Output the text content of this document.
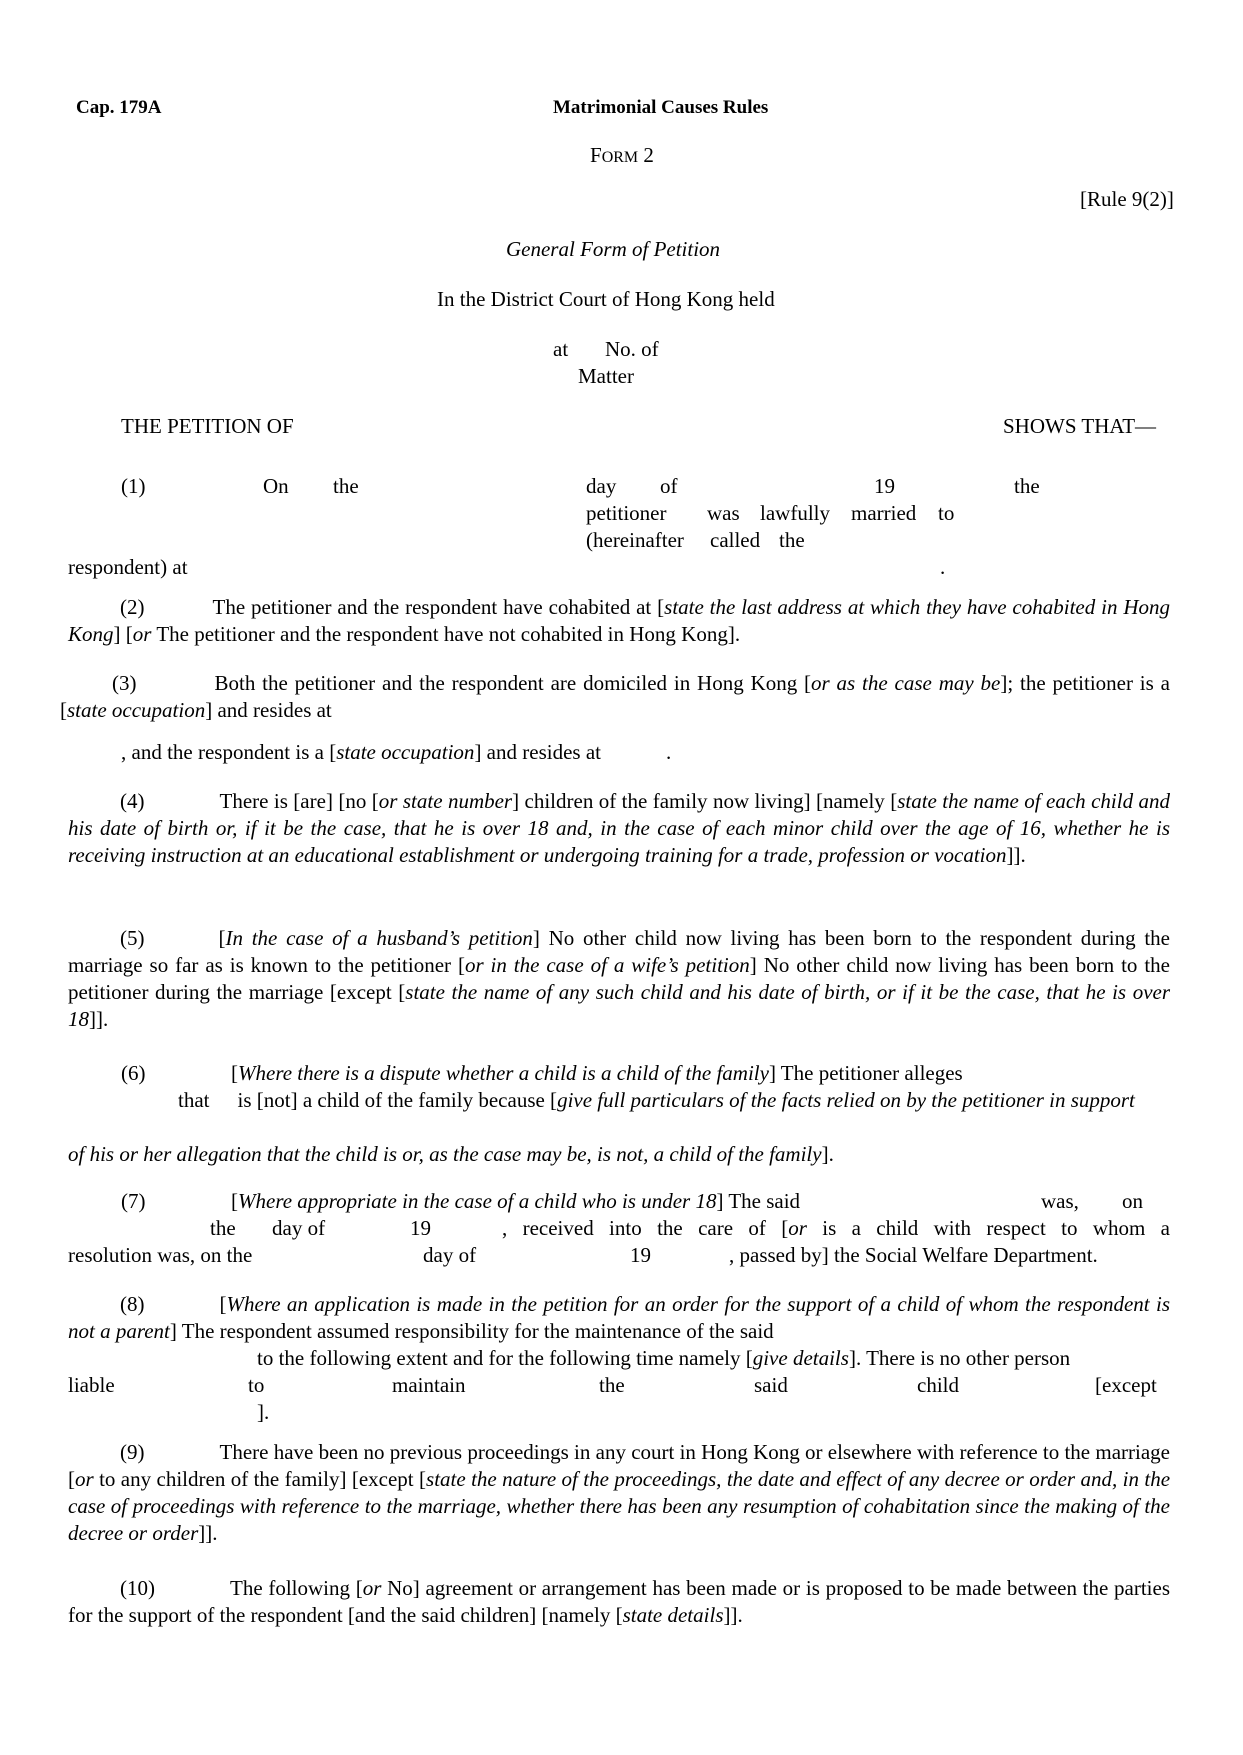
Cap. 179A	Matrimonial Causes Rules
FORM 2
[Rule 9(2)]
General Form of Petition
In the District Court of Hong Kong held
at No. of
Matter
THE PETITION OF	SHOWS THAT—
(1)	On the	day of	19	the
petitioner was lawfully married to
(hereinafter called the
respondent) at	.
(2)	The petitioner and the respondent have cohabited at [state the last address at which they have cohabited in Hong Kong] [or The petitioner and the respondent have not cohabited in Hong Kong].
(3)	Both the petitioner and the respondent are domiciled in Hong Kong [or as the case may be]; the petitioner is a [state occupation] and resides at
, and the respondent is a [state occupation] and resides at	.
(4)	There is [are] [no [or state number] children of the family now living] [namely [state the name of each child and his date of birth or, if it be the case, that he is over 18 and, in the case of each minor child over the age of 16, whether he is receiving instruction at an educational establishment or undergoing training for a trade, profession or vocation]].
(5)	[In the case of a husband’s petition] No other child now living has been born to the respondent during the marriage so far as is known to the petitioner [or in the case of a wife’s petition] No other child now living has been born to the petitioner during the marriage [except [state the name of any such child and his date of birth, or if it be the case, that he is over 18]].
(6)	[Where there is a dispute whether a child is a child of the family] The petitioner alleges
that is [not] a child of the family because [give full particulars of the facts relied on by the petitioner in support
of his or her allegation that the child is or, as the case may be, is not, a child of the family].
(7)	[Where appropriate in the case of a child who is under 18] The said	was, on
the day of	19	, received into the care of [or is a child with respect to whom a
resolution was, on the	day of	19	, passed by] the Social Welfare Department.
(8)	[Where an application is made in the petition for an order for the support of a child of whom the respondent is not a parent] The respondent assumed responsibility for the maintenance of the said
to the following extent and for the following time namely [give details]. There is no other person
liable	to	maintain	the	said	child	[except
].
(9)	There have been no previous proceedings in any court in Hong Kong or elsewhere with reference to the marriage [or to any children of the family] [except [state the nature of the proceedings, the date and effect of any decree or order and, in the case of proceedings with reference to the marriage, whether there has been any resumption of cohabitation since the making of the decree or order]].
(10)	The following [or No] agreement or arrangement has been made or is proposed to be made between the parties for the support of the respondent [and the said children] [namely [state details]].
